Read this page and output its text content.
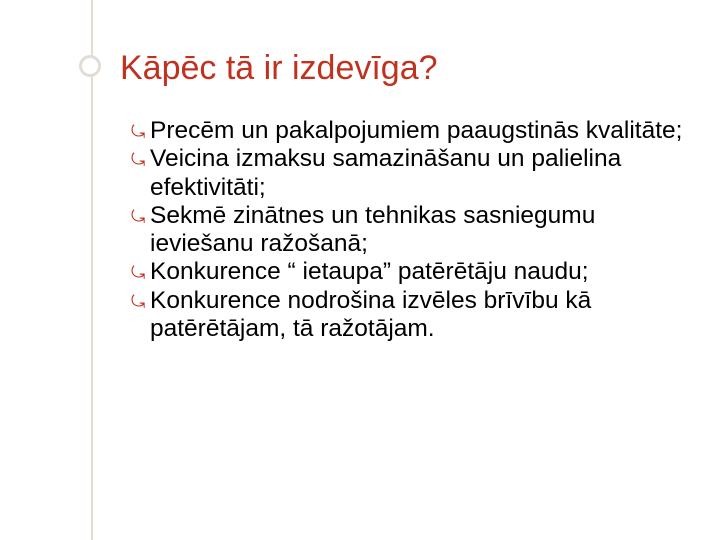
Kāpēc tā ir izdevīga?
⤿ Precēm un pakalpojumiem paaugstinās kvalitāte;
⤿ Veicina izmaksu samazināšanu un palielina efektivitāti;
⤿ Sekmē zinātnes un tehnikas sasniegumu ieviešanu ražošanā;
⤿ Konkurence “ ietaupa” patērētāju naudu;
⤿ Konkurence nodrošina izvēles brīvību kā patērētājam, tā ražotājam.
